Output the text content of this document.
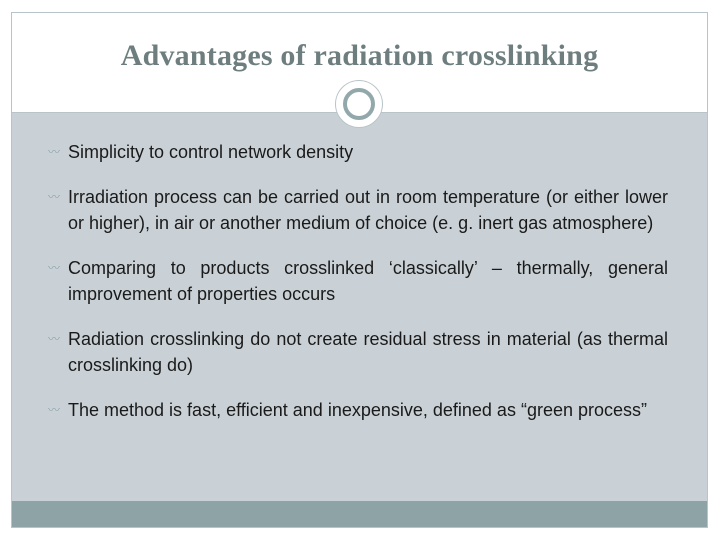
Advantages of radiation crosslinking
〰 Simplicity to control network density
〰 Irradiation process can be carried out in room temperature (or either lower or higher), in air or another medium of choice (e. g. inert gas atmosphere)
〰 Comparing to products crosslinked ‘classically’ – thermally, general improvement of properties occurs
〰 Radiation crosslinking do not create residual stress in material (as thermal crosslinking do)
〰 The method is fast, efficient and inexpensive, defined as “green process”
